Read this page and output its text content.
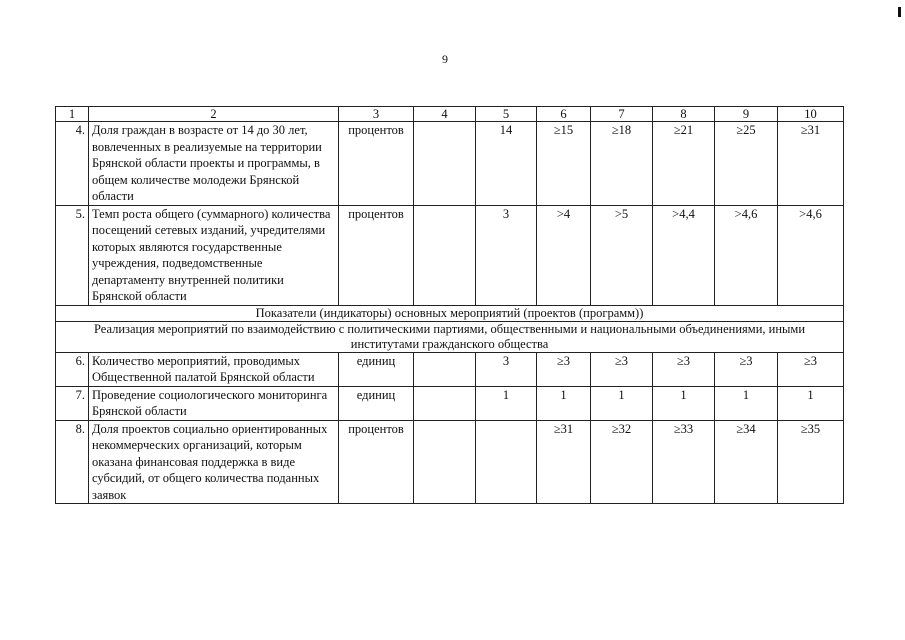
9
1	2	3	4	5	6	7	8	9	10
4.	Доля граждан в возрасте от 14 до 30 лет, вовлеченных в реализуемые на территории Брянской области проекты и программы, в общем количестве молодежи Брянской области	процентов		14	≥15	≥18	≥21	≥25	≥31
5.	Темп роста общего (суммарного) количества посещений сетевых изданий, учредителями которых являются государственные учреждения, подведомственные департаменту внутренней политики Брянской области	процентов		3	>4	>5	>4,4	>4,6	>4,6
Показатели (индикаторы) основных мероприятий (проектов (программ))									
Реализация мероприятий по взаимодействию с политическими партиями, общественными и национальными объединениями, иными институтами гражданского общества									
6.	Количество мероприятий, проводимых Общественной палатой Брянской области	единиц		3	≥3	≥3	≥3	≥3	≥3
7.	Проведение социологического мониторинга Брянской области	единиц		1	1	1	1	1	1
8.	Доля проектов социально ориентированных некоммерческих организаций, которым оказана финансовая поддержка в виде субсидий, от общего количества поданных заявок	процентов			≥31	≥32	≥33	≥34	≥35
